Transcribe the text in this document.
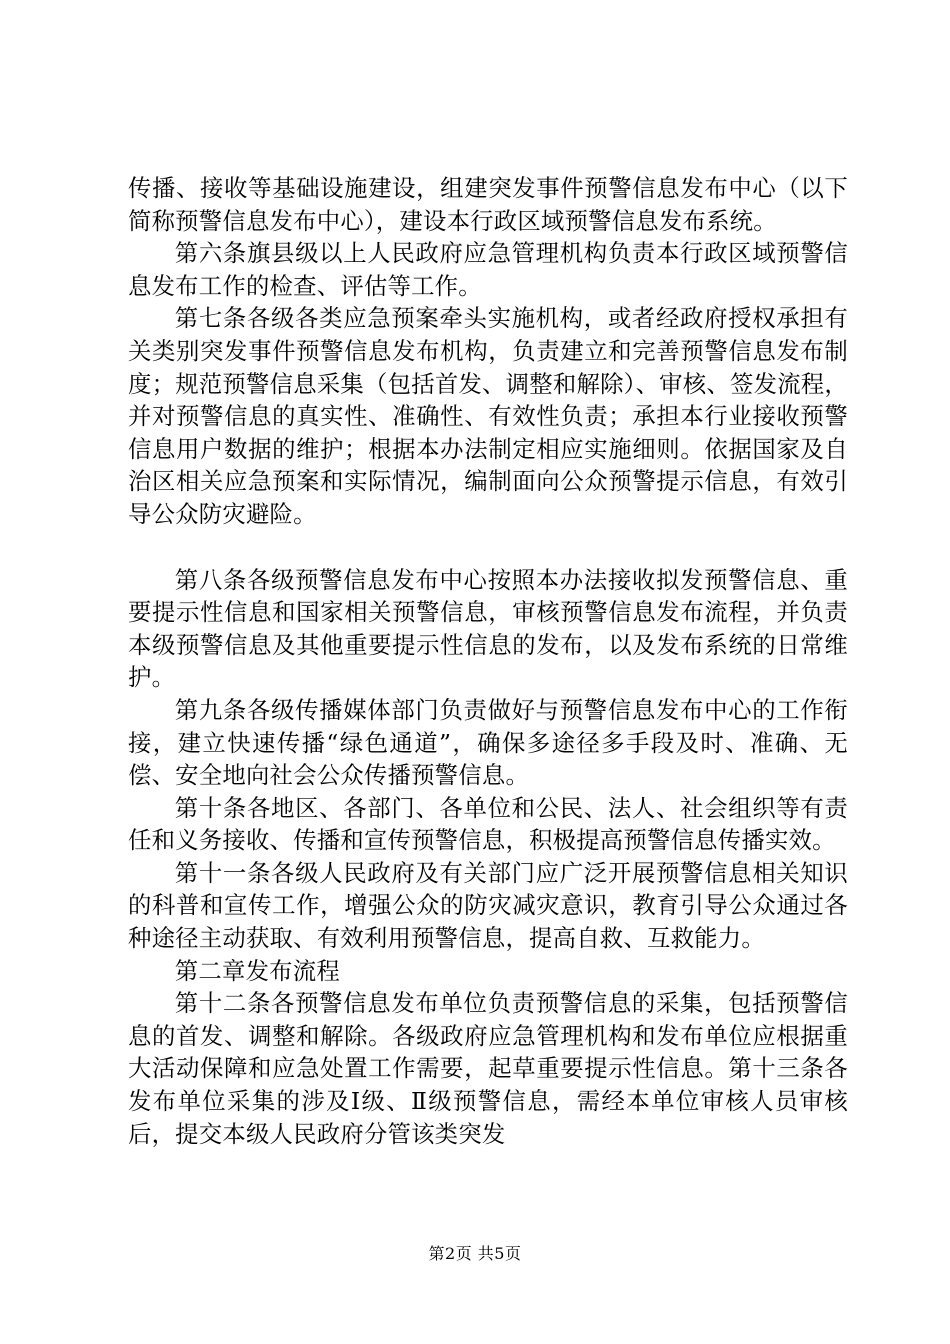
传播、接收等基础设施建设，组建突发事件预警信息发布中心（以下简称预警信息发布中心），建设本行政区域预警信息发布系统。

第六条旗县级以上人民政府应急管理机构负责本行政区域预警信息发布工作的检查、评估等工作。

第七条各级各类应急预案牵头实施机构，或者经政府授权承担有关类别突发事件预警信息发布机构，负责建立和完善预警信息发布制度；规范预警信息采集（包括首发、调整和解除）、审核、签发流程，并对预警信息的真实性、准确性、有效性负责；承担本行业接收预警信息用户数据的维护；根据本办法制定相应实施细则。依据国家及自治区相关应急预案和实际情况，编制面向公众预警提示信息，有效引导公众防灾避险。

第八条各级预警信息发布中心按照本办法接收拟发预警信息、重要提示性信息和国家相关预警信息，审核预警信息发布流程，并负责本级预警信息及其他重要提示性信息的发布，以及发布系统的日常维护。

第九条各级传播媒体部门负责做好与预警信息发布中心的工作衔接，建立快速传播“绿色通道”，确保多途径多手段及时、准确、无偿、安全地向社会公众传播预警信息。

第十条各地区、各部门、各单位和公民、法人、社会组织等有责任和义务接收、传播和宣传预警信息，积极提高预警信息传播实效。

第十一条各级人民政府及有关部门应广泛开展预警信息相关知识的科普和宣传工作，增强公众的防灾减灾意识，教育引导公众通过各种途径主动获取、有效利用预警信息，提高自救、互救能力。

第二章发布流程

第十二条各预警信息发布单位负责预警信息的采集，包括预警信息的首发、调整和解除。各级政府应急管理机构和发布单位应根据重大活动保障和应急处置工作需要，起草重要提示性信息。第十三条各发布单位采集的涉及Ⅰ级、Ⅱ级预警信息，需经本单位审核人员审核后，提交本级人民政府分管该类突发

第2页 共5页
